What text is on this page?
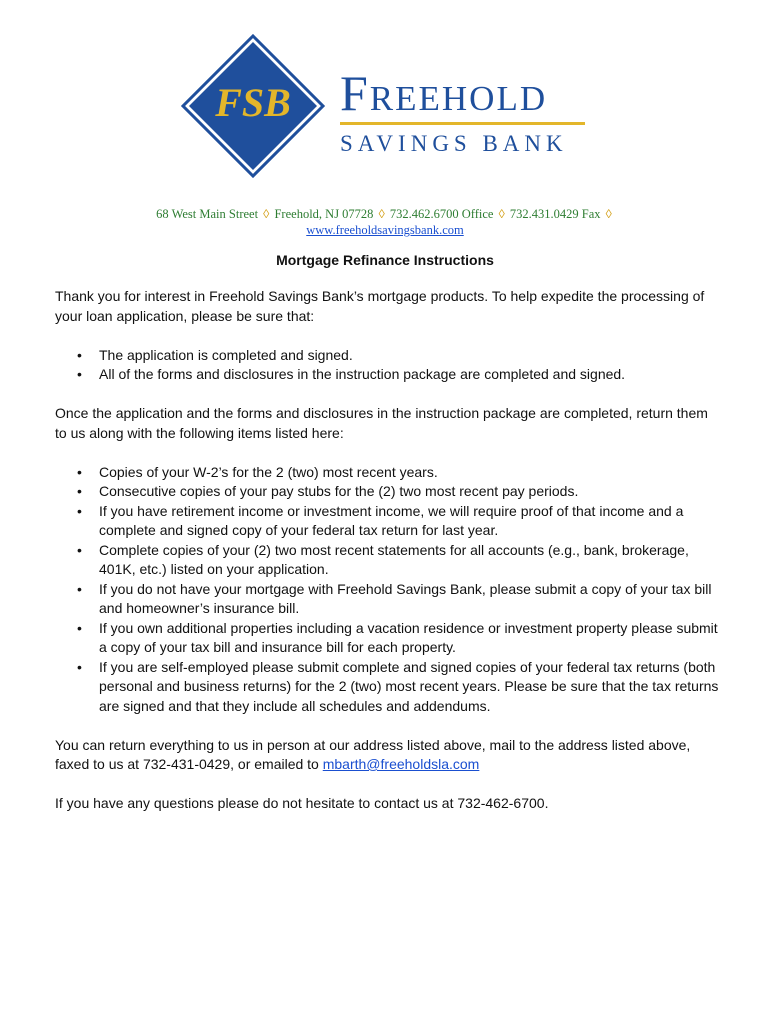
FSB Freehold
SAVINGS BANK
68 West Main Street ◊ Freehold, NJ 07728 ◊ 732.462.6700 Office ◊ 732.431.0429 Fax ◊
www.freeholdsavingsbank.com
Mortgage Refinance Instructions

Thank you for interest in Freehold Savings Bank’s mortgage products. To help expedite the processing of your loan application, please be sure that:

• The application is completed and signed.
• All of the forms and disclosures in the instruction package are completed and signed.

Once the application and the forms and disclosures in the instruction package are completed, return them to us along with the following items listed here:

• Copies of your W-2’s for the 2 (two) most recent years.
• Consecutive copies of your pay stubs for the (2) two most recent pay periods.
• If you have retirement income or investment income, we will require proof of that income and a complete and signed copy of your federal tax return for last year.
• Complete copies of your (2) two most recent statements for all accounts (e.g., bank, brokerage, 401K, etc.) listed on your application.
• If you do not have your mortgage with Freehold Savings Bank, please submit a copy of your tax bill and homeowner’s insurance bill.
• If you own additional properties including a vacation residence or investment property please submit a copy of your tax bill and insurance bill for each property.
• If you are self-employed please submit complete and signed copies of your federal tax returns (both personal and business returns) for the 2 (two) most recent years. Please be sure that the tax returns are signed and that they include all schedules and addendums.

You can return everything to us in person at our address listed above, mail to the address listed above, faxed to us at 732-431-0429, or emailed to mbarth@freeholdsla.com

If you have any questions please do not hesitate to contact us at 732-462-6700.
